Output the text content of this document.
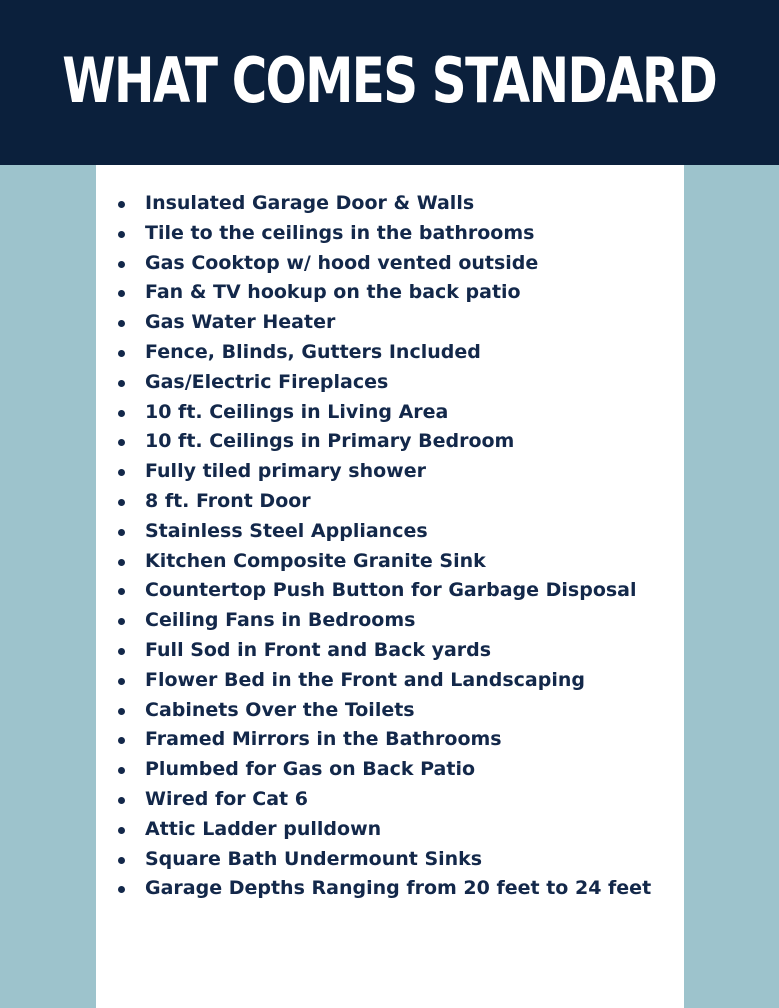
WHAT COMES STANDARD
Insulated Garage Door & Walls
Tile to the ceilings in the bathrooms
Gas Cooktop w/ hood vented outside
Fan & TV hookup on the back patio
Gas Water Heater
Fence, Blinds, Gutters Included
Gas/Electric Fireplaces
10 ft. Ceilings in Living Area
10 ft. Ceilings in Primary Bedroom
Fully tiled primary shower
8 ft. Front Door
Stainless Steel Appliances
Kitchen Composite Granite Sink
Countertop Push Button for Garbage Disposal
Ceiling Fans in Bedrooms
Full Sod in Front and Back yards
Flower Bed in the Front and Landscaping
Cabinets Over the Toilets
Framed Mirrors in the Bathrooms
Plumbed for Gas on Back Patio
Wired for Cat 6
Attic Ladder pulldown
Square Bath Undermount Sinks
Garage Depths Ranging from 20 feet to 24 feet
